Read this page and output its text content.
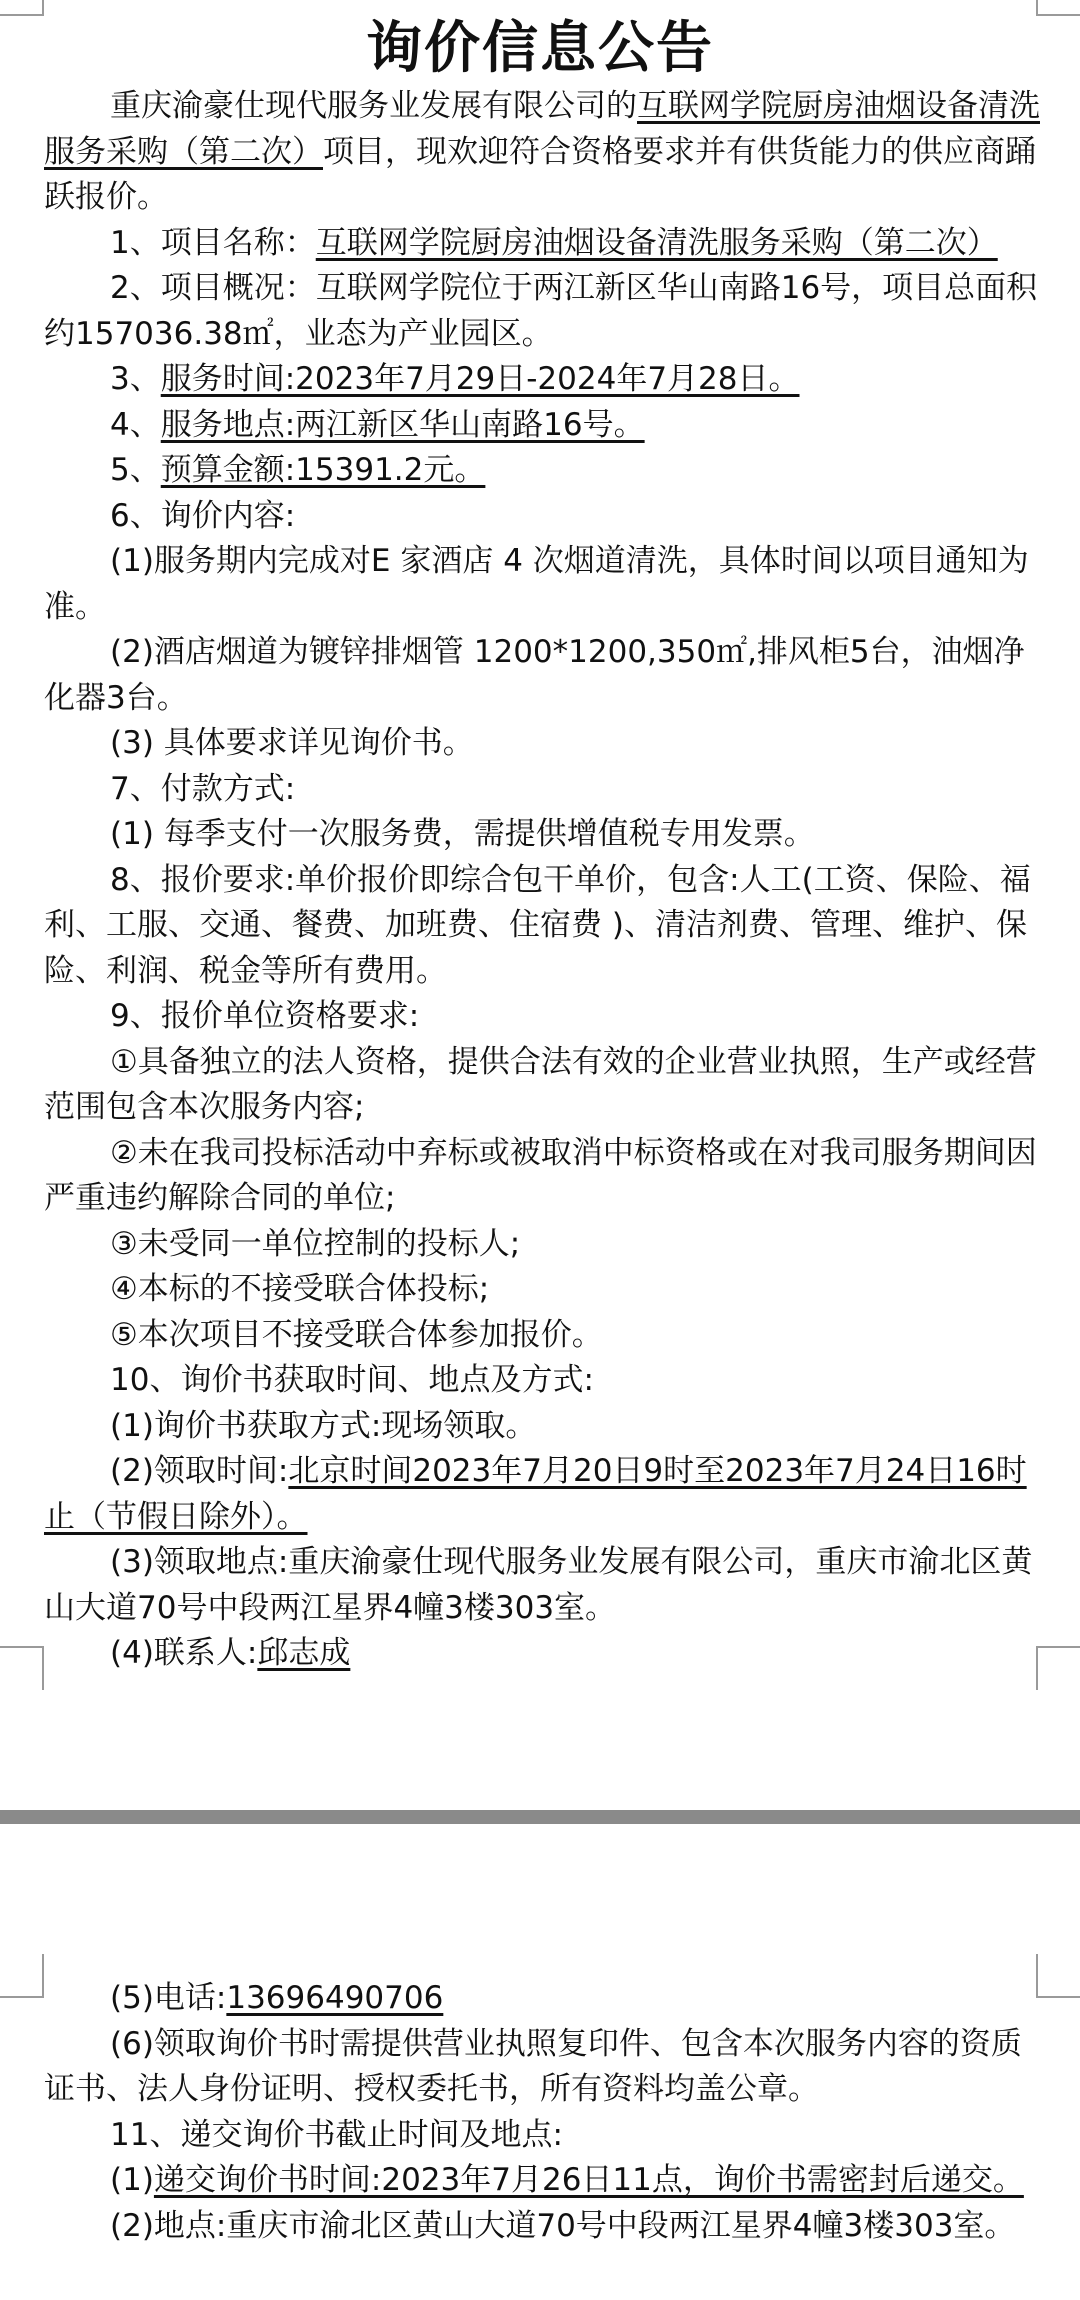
询价信息公告

重庆渝豪仕现代服务业发展有限公司的互联网学院厨房油烟设备清洗服务采购（第二次）项目，现欢迎符合资格要求并有供货能力的供应商踊跃报价。

1、项目名称：互联网学院厨房油烟设备清洗服务采购（第二次）

2、项目概况：互联网学院位于两江新区华山南路16号，项目总面积约157036.38㎡，业态为产业园区。

3、服务时间:2023年7月29日-2024年7月28日。

4、服务地点:两江新区华山南路16号。

5、预算金额:15391.2元。

6、询价内容:

(1)服务期内完成对E 家酒店 4 次烟道清洗，具体时间以项目通知为准。

(2)酒店烟道为镀锌排烟管 1200*1200,350㎡,排风柜5台，油烟净化器3台。

(3) 具体要求详见询价书。

7、付款方式:

(1) 每季支付一次服务费，需提供增值税专用发票。

8、报价要求:单价报价即综合包干单价，包含:人工(工资、保险、福利、工服、交通、餐费、加班费、住宿费 )、清洁剂费、管理、维护、保险、利润、税金等所有费用。

9、报价单位资格要求:

①具备独立的法人资格，提供合法有效的企业营业执照，生产或经营范围包含本次服务内容;

②未在我司投标活动中弃标或被取消中标资格或在对我司服务期间因严重违约解除合同的单位;

③未受同一单位控制的投标人;

④本标的不接受联合体投标;

⑤本次项目不接受联合体参加报价。

10、询价书获取时间、地点及方式:

(1)询价书获取方式:现场领取。

(2)领取时间:北京时间2023年7月20日9时至2023年7月24日16时止（节假日除外）。

(3)领取地点:重庆渝豪仕现代服务业发展有限公司，重庆市渝北区黄山大道70号中段两江星界4幢3楼303室。

(4)联系人:邱志成

(5)电话:13696490706

(6)领取询价书时需提供营业执照复印件、包含本次服务内容的资质证书、法人身份证明、授权委托书，所有资料均盖公章。

11、递交询价书截止时间及地点:

(1)递交询价书时间:2023年7月26日11点，询价书需密封后递交。

(2)地点:重庆市渝北区黄山大道70号中段两江星界4幢3楼303室。
